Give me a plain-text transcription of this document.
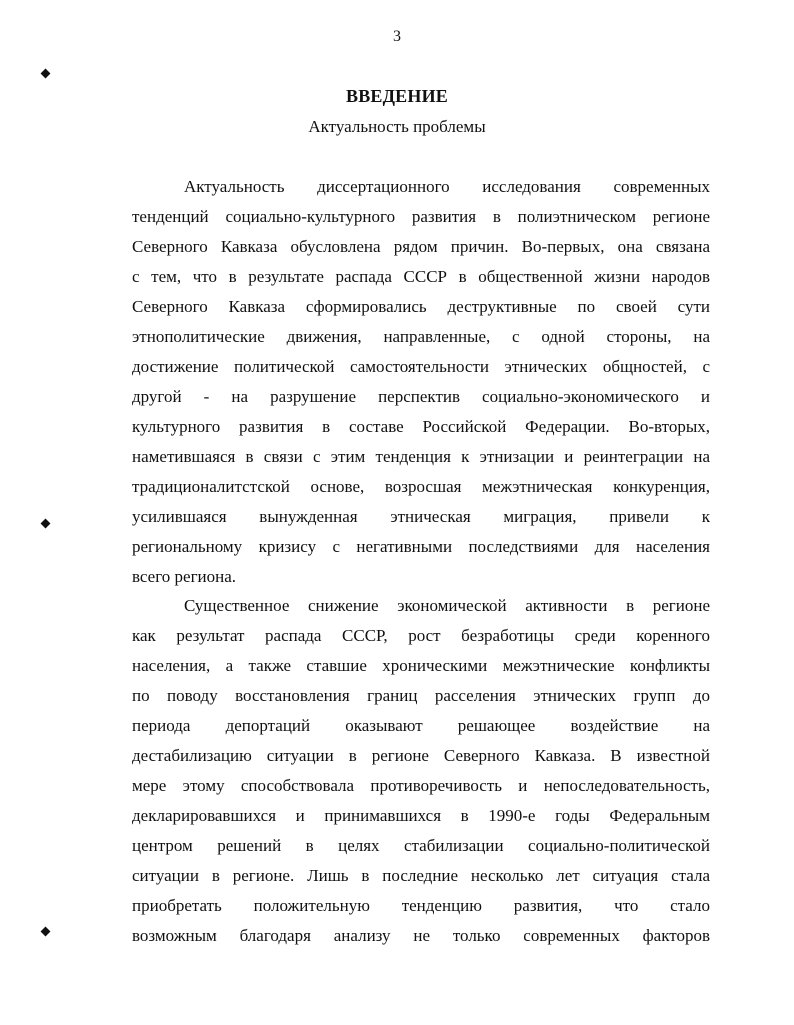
3
ВВЕДЕНИЕ
Актуальность проблемы
Актуальность диссертационного исследования современных
тенденций социально-культурного развития в полиэтническом регионе
Северного Кавказа обусловлена рядом причин. Во-первых, она связана
с тем, что в результате распада СССР в общественной жизни народов
Северного Кавказа сформировались деструктивные по своей сути
этнополитические движения, направленные, с одной стороны, на
достижение политической самостоятельности этнических общностей, с
другой - на разрушение перспектив социально-экономического и
культурного развития в составе Российской Федерации. Во-вторых,
наметившаяся в связи с этим тенденция к этнизации и реинтеграции на
традиционалитстской основе, возросшая межэтническая конкуренция,
усилившаяся вынужденная этническая миграция, привели к
региональному кризису с негативными последствиями для населения
всего региона.
Существенное снижение экономической активности в регионе
как результат распада СССР, рост безработицы среди коренного
населения, а также ставшие хроническими межэтнические конфликты
по поводу восстановления границ расселения этнических групп до
периода депортаций оказывают решающее воздействие на
дестабилизацию ситуации в регионе Северного Кавказа. В известной
мере этому способствовала противоречивость и непоследовательность,
декларировавшихся и принимавшихся в 1990-е годы Федеральным
центром решений в целях стабилизации социально-политической
ситуации в регионе. Лишь в последние несколько лет ситуация стала
приобретать положительную тенденцию развития, что стало
возможным благодаря анализу не только современных факторов
